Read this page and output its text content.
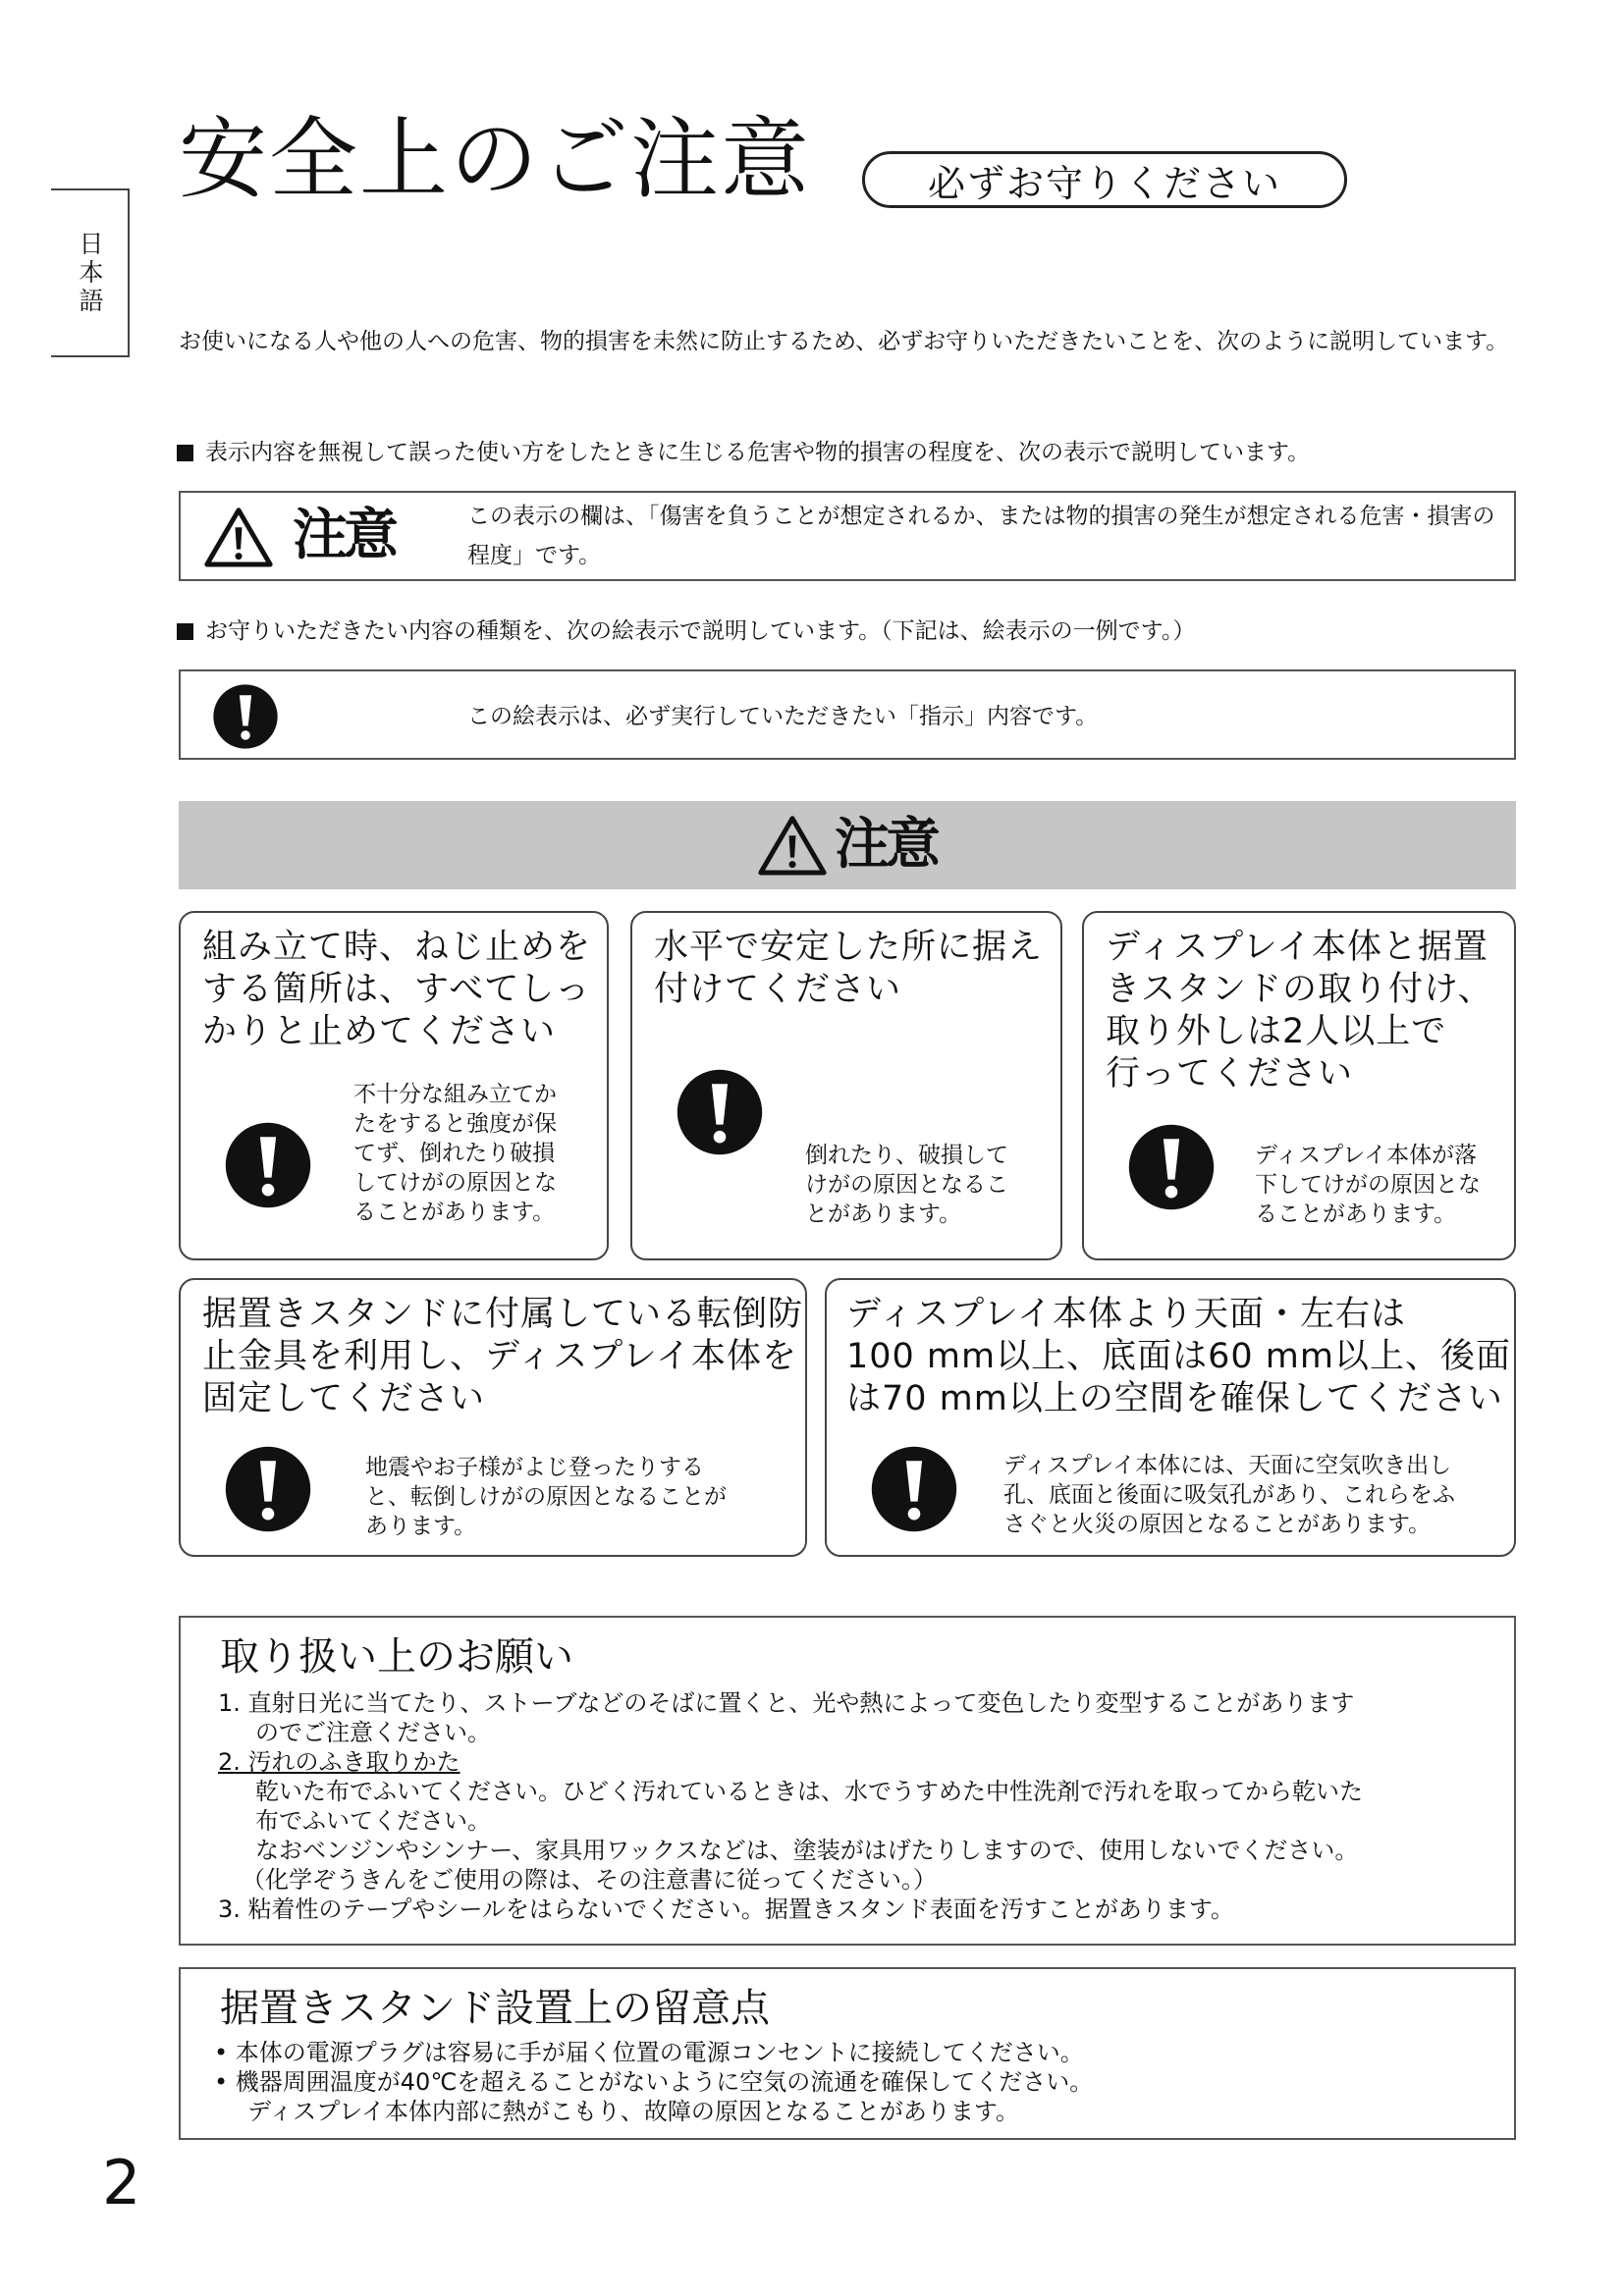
日本語
安全上のご注意	必ずお守りください
お使いになる人や他の人への危害、物的損害を未然に防止するため、必ずお守りいただきたいことを、次のように説明しています。
表示内容を無視して誤った使い方をしたときに生じる危害や物的損害の程度を、次の表示で説明しています。
注意	この表示の欄は、「傷害を負うことが想定されるか、または物的損害の発生が想定される危害・損害の程度」です。
お守りいただきたい内容の種類を、次の絵表示で説明しています。（下記は、絵表示の一例です。）
この絵表示は、必ず実行していただきたい「指示」内容です。
注意
組み立て時、ねじ止めを
する箇所は、すべてしっ
かりと止めてください
不十分な組み立てか
たをすると強度が保
てず、倒れたり破損
してけがの原因とな
ることがあります。
水平で安定した所に据え
付けてください
倒れたり、破損して
けがの原因となるこ
とがあります。
ディスプレイ本体と据置
きスタンドの取り付け、
取り外しは2人以上で
行ってください
ディスプレイ本体が落
下してけがの原因とな
ることがあります。
据置きスタンドに付属している転倒防
止金具を利用し、ディスプレイ本体を
固定してください
地震やお子様がよじ登ったりする
と、転倒しけがの原因となることが
あります。
ディスプレイ本体より天面・左右は
100 mm以上、底面は60 mm以上、後面
は70 mm以上の空間を確保してください
ディスプレイ本体には、天面に空気吹き出し
孔、底面と後面に吸気孔があり、これらをふ
さぐと火災の原因となることがあります。
取り扱い上のお願い
1. 直射日光に当てたり、ストーブなどのそばに置くと、光や熱によって変色したり変型することがあります
のでご注意ください。
2. 汚れのふき取りかた
乾いた布でふいてください。ひどく汚れているときは、水でうすめた中性洗剤で汚れを取ってから乾いた
布でふいてください。
なおベンジンやシンナー、家具用ワックスなどは、塗装がはげたりしますので、使用しないでください。
（化学ぞうきんをご使用の際は、その注意書に従ってください。）
3. 粘着性のテープやシールをはらないでください。据置きスタンド表面を汚すことがあります。
据置きスタンド設置上の留意点
• 本体の電源プラグは容易に手が届く位置の電源コンセントに接続してください。
• 機器周囲温度が40℃を超えることがないように空気の流通を確保してください。
ディスプレイ本体内部に熱がこもり、故障の原因となることがあります。
2
